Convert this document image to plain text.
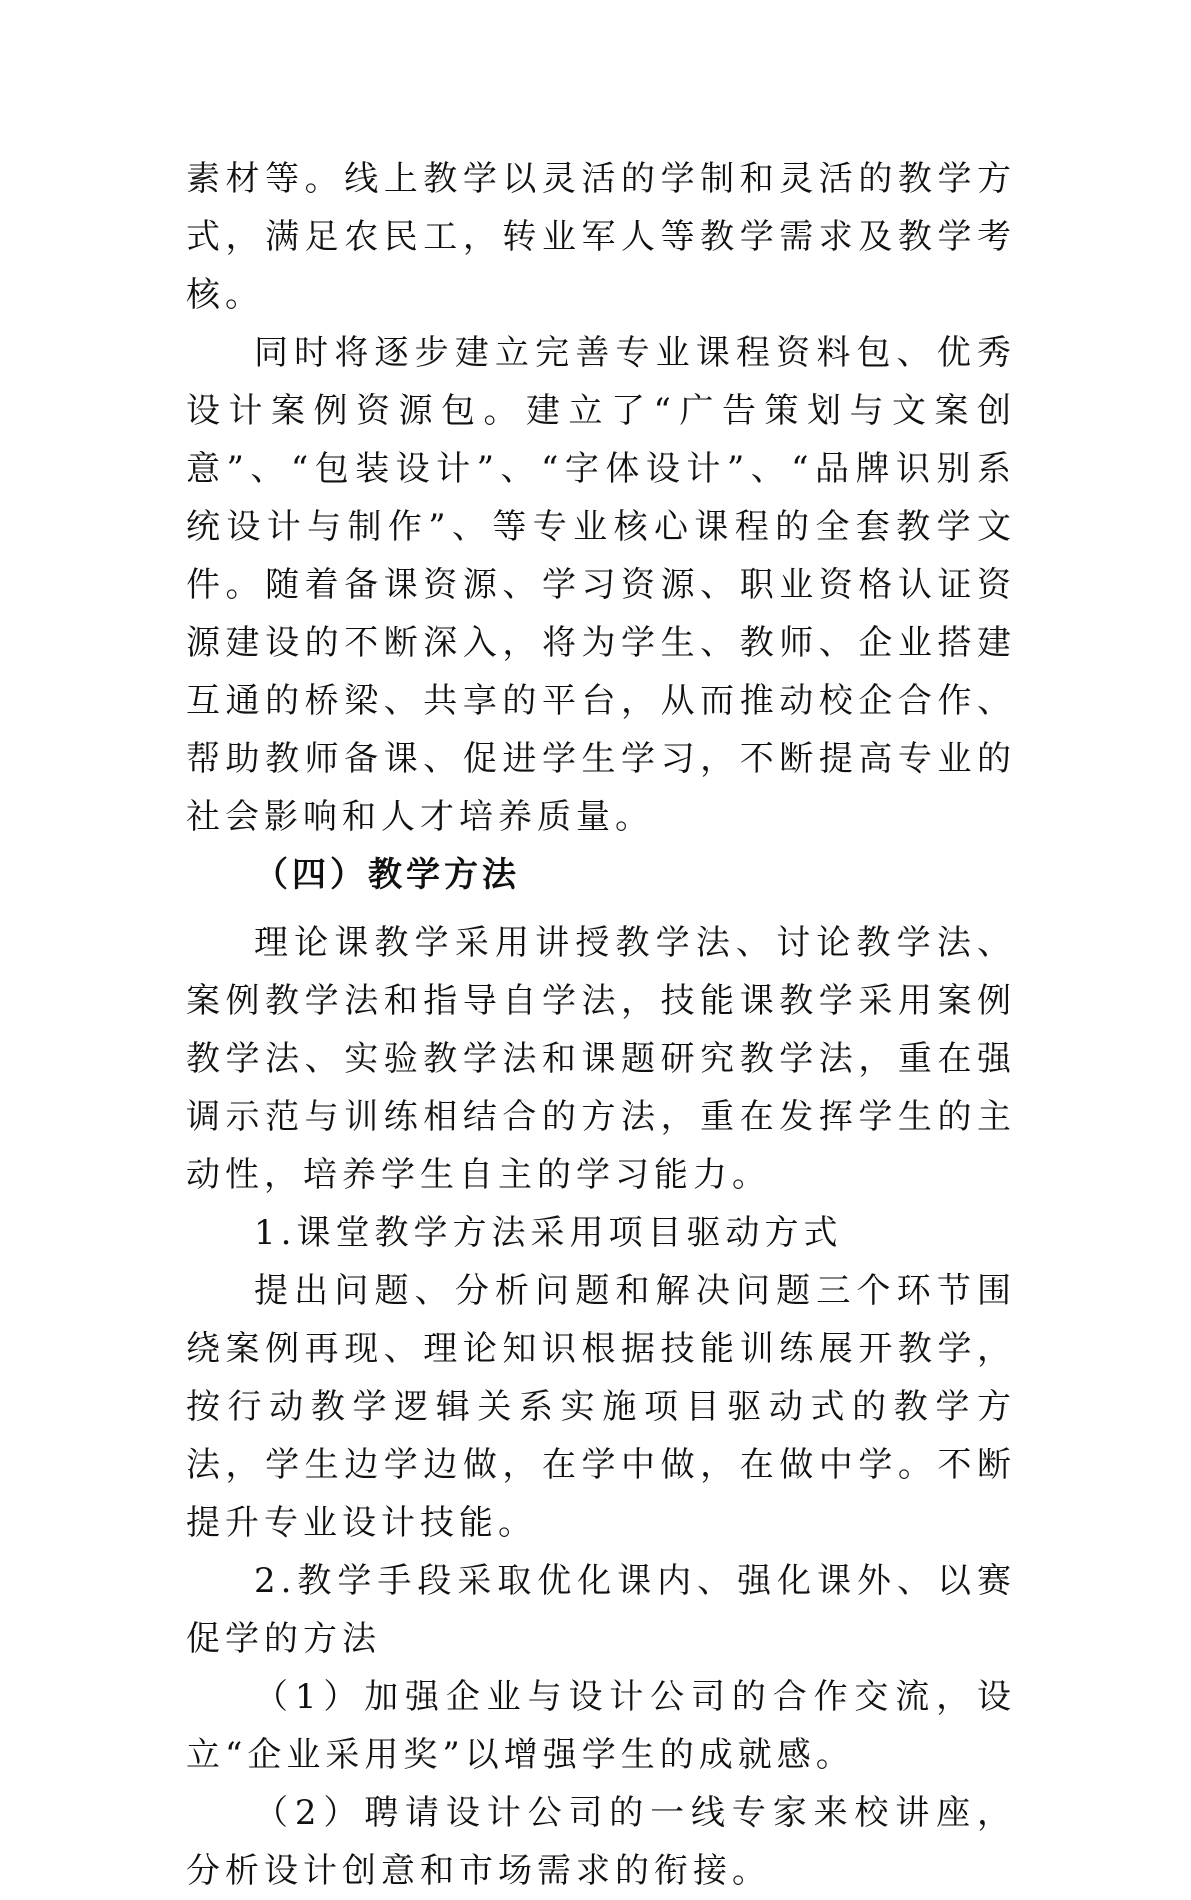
素材等。线上教学以灵活的学制和灵活的教学方式，满足农民工，转业军人等教学需求及教学考核。

同时将逐步建立完善专业课程资料包、优秀设计案例资源包。建立了“广告策划与文案创意”、“包装设计”、“字体设计”、“品牌识别系统设计与制作”、等专业核心课程的全套教学文件。随着备课资源、学习资源、职业资格认证资源建设的不断深入，将为学生、教师、企业搭建互通的桥梁、共享的平台，从而推动校企合作、帮助教师备课、促进学生学习，不断提高专业的社会影响和人才培养质量。

（四）教学方法

理论课教学采用讲授教学法、讨论教学法、案例教学法和指导自学法，技能课教学采用案例教学法、实验教学法和课题研究教学法，重在强调示范与训练相结合的方法，重在发挥学生的主动性，培养学生自主的学习能力。

1.课堂教学方法采用项目驱动方式

提出问题、分析问题和解决问题三个环节围绕案例再现、理论知识根据技能训练展开教学，按行动教学逻辑关系实施项目驱动式的教学方法，学生边学边做，在学中做，在做中学。不断提升专业设计技能。

2.教学手段采取优化课内、强化课外、以赛促学的方法

（1）加强企业与设计公司的合作交流，设立“企业采用奖”以增强学生的成就感。

（2）聘请设计公司的一线专家来校讲座，分析设计创意和市场需求的衔接。
